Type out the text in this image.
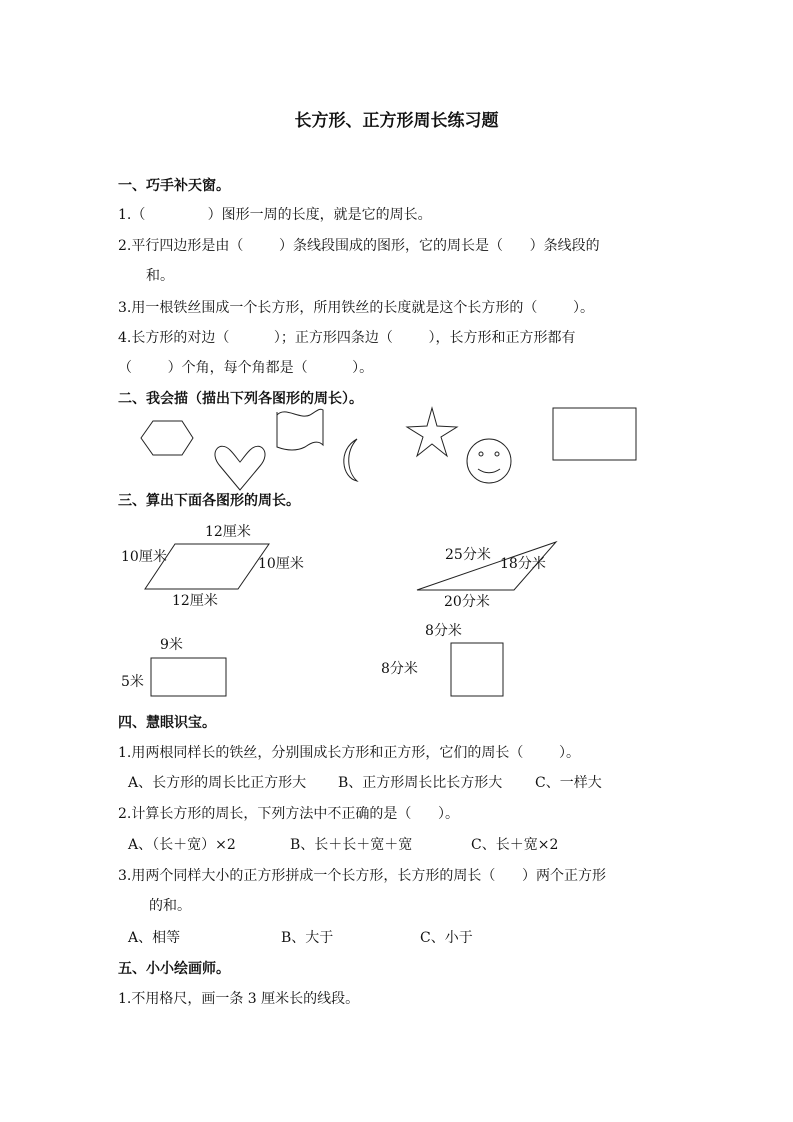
长方形、正方形周长练习题
一、巧手补天窗。
1.（              ）图形一周的长度，就是它的周长。
2.平行四边形是由（        ）条线段围成的图形，它的周长是（      ）条线段的
和。
3.用一根铁丝围成一个长方形，所用铁丝的长度就是这个长方形的（        ）。
4.长方形的对边（          ）；正方形四条边（        ），长方形和正方形都有
（        ）个角，每个角都是（          ）。
二、我会描（描出下列各图形的周长）。
三、算出下面各图形的周长。
12厘米
10厘米	10厘米
12厘米
25分米
18分米
20分米
9米
5米
8分米
8分米
四、慧眼识宝。
1.用两根同样长的铁丝，分别围成长方形和正方形，它们的周长（        ）。
A、长方形的周长比正方形大 B、正方形周长比长方形大 C、一样大
2.计算长方形的周长，下列方法中不正确的是（      ）。
A、（长＋宽）×2	B、长＋长＋宽＋宽	C、长＋宽×2
3.用两个同样大小的正方形拼成一个长方形，长方形的周长（      ）两个正方形
的和。
A、相等	B、大于	C、小于
五、小小绘画师。
1.不用格尺，画一条 3 厘米长的线段。
